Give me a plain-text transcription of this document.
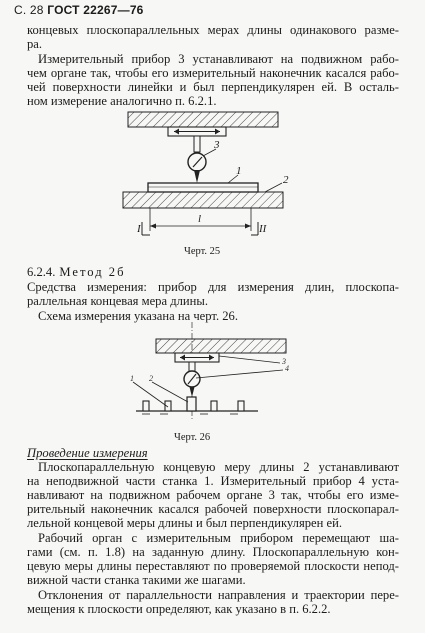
С. 28 ГОСТ 22267—76
концевых плоскопараллельных мерах длины одинакового разме-
ра.
Измерительный прибор 3 устанавливают на подвижном рабо-
чем органе так, чтобы его измерительный наконечник касался рабо-
чей поверхности линейки и был перпендикулярен ей. В осталь-
ном измерение аналогично п. 6.2.1.
3
1
2
l
I	II
Черт. 25
6.2.4. Метод 2б
Средства измерения: прибор для измерения длин, плоскопа-
раллельная концевая мера длины.
Схема измерения указана на черт. 26.
3
4
1 2
Черт. 26
Проведение измерения
Плоскопараллельную концевую меру длины 2 устанавливают
на неподвижной части станка 1. Измерительный прибор 4 уста-
навливают на подвижном рабочем органе 3 так, чтобы его изме-
рительный наконечник касался рабочей поверхности плоскопарал-
лельной концевой меры длины и был перпендикулярен ей.
Рабочий орган с измерительным прибором перемещают ша-
гами (см. п. 1.8) на заданную длину. Плоскопараллельную кон-
цевую меры длины переставляют по проверяемой плоскости непод-
вижной части станка такими же шагами.
Отклонения от параллельности направления и траектории пере-
мещения к плоскости определяют, как указано в п. 6.2.2.
